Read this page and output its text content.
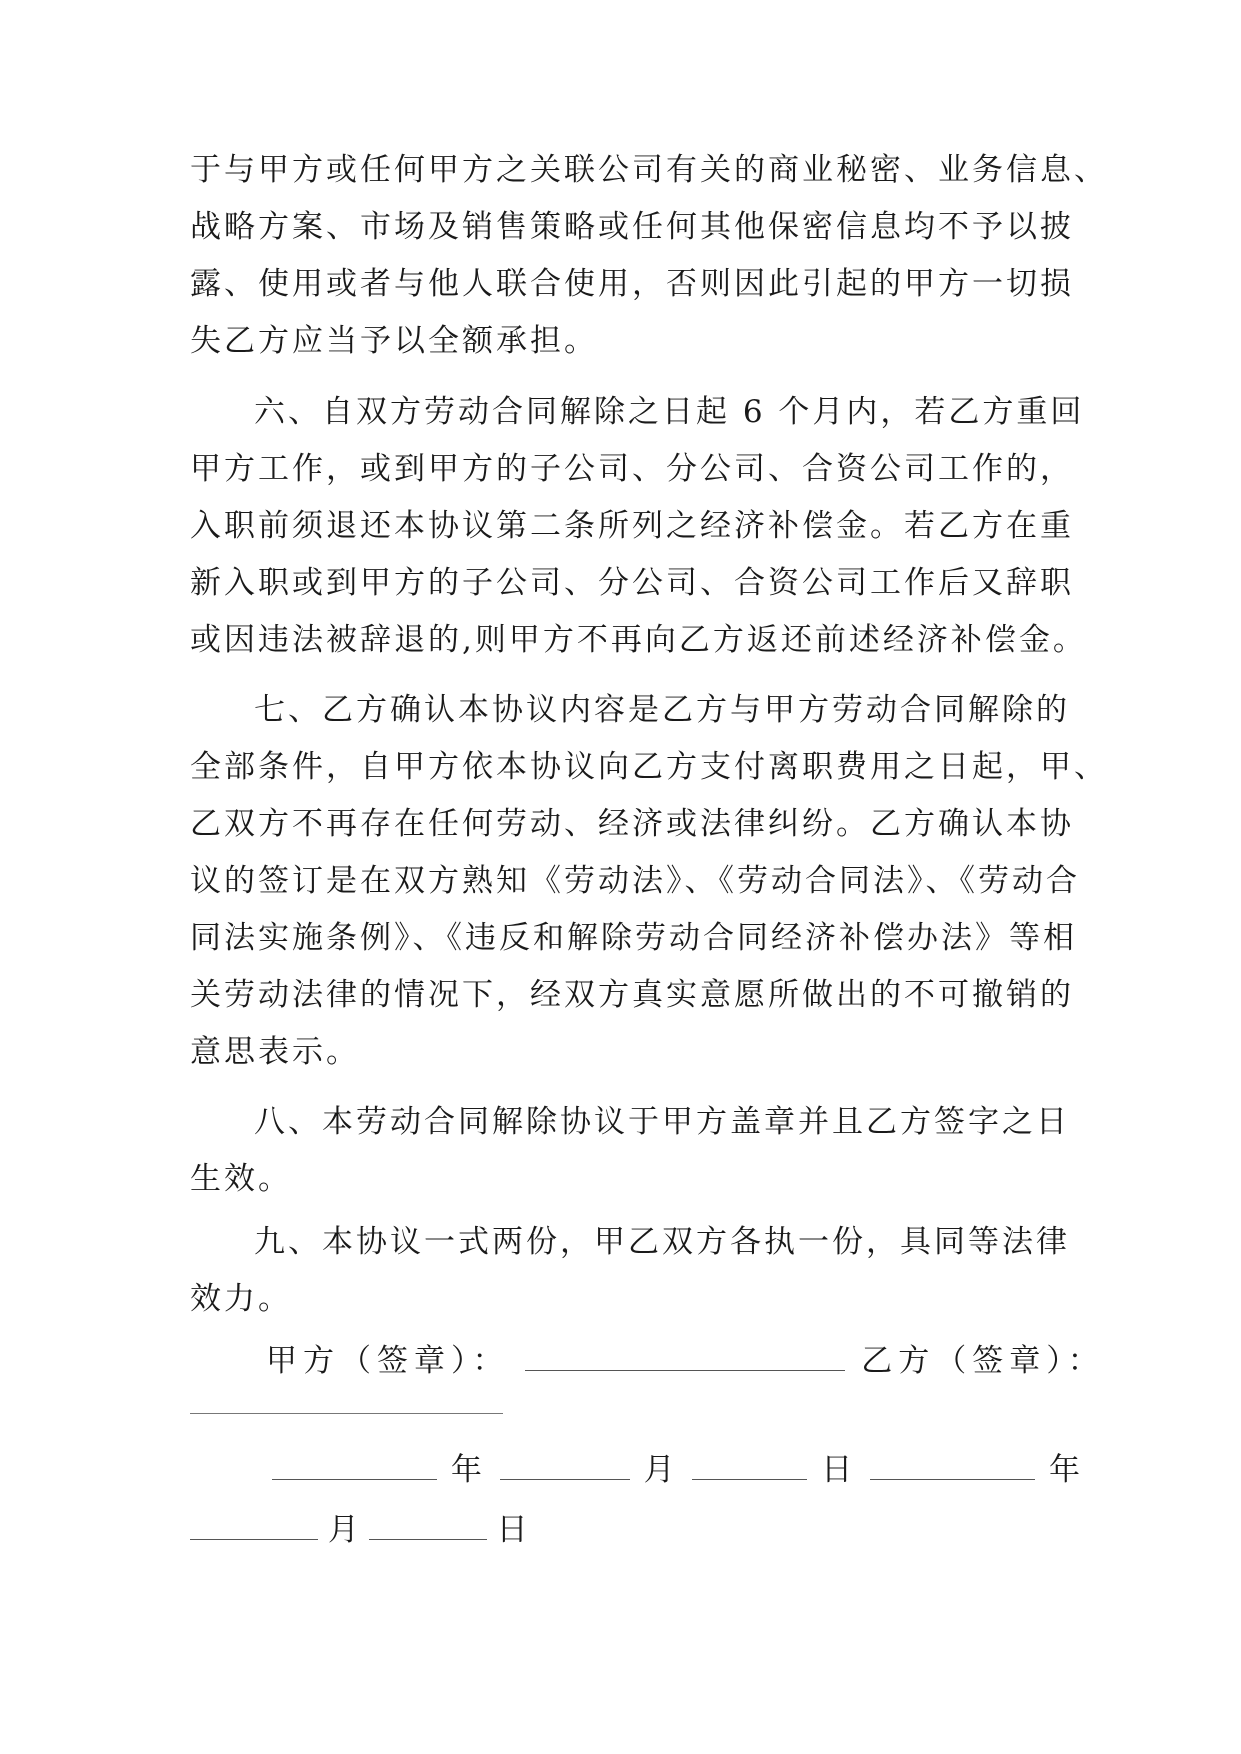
于与甲方或任何甲方之关联公司有关的商业秘密、业务信息、
战略方案、市场及销售策略或任何其他保密信息均不予以披
露、使用或者与他人联合使用，否则因此引起的甲方一切损
失乙方应当予以全额承担。
六、自双方劳动合同解除之日起 6 个月内，若乙方重回
甲方工作，或到甲方的子公司、分公司、合资公司工作的，
入职前须退还本协议第二条所列之经济补偿金。若乙方在重
新入职或到甲方的子公司、分公司、合资公司工作后又辞职
或因违法被辞退的,则甲方不再向乙方返还前述经济补偿金。
七、乙方确认本协议内容是乙方与甲方劳动合同解除的
全部条件，自甲方依本协议向乙方支付离职费用之日起，甲、
乙双方不再存在任何劳动、经济或法律纠纷。乙方确认本协
议的签订是在双方熟知《劳动法》、《劳动合同法》、《劳动合
同法实施条例》、《违反和解除劳动合同经济补偿办法》等相
关劳动法律的情况下，经双方真实意愿所做出的不可撤销的
意思表示。
八、本劳动合同解除协议于甲方盖章并且乙方签字之日
生效。
九、本协议一式两份，甲乙双方各执一份，具同等法律
效力。
甲方（签章）：	乙方（签章）：
年	月	日	年
月	日
